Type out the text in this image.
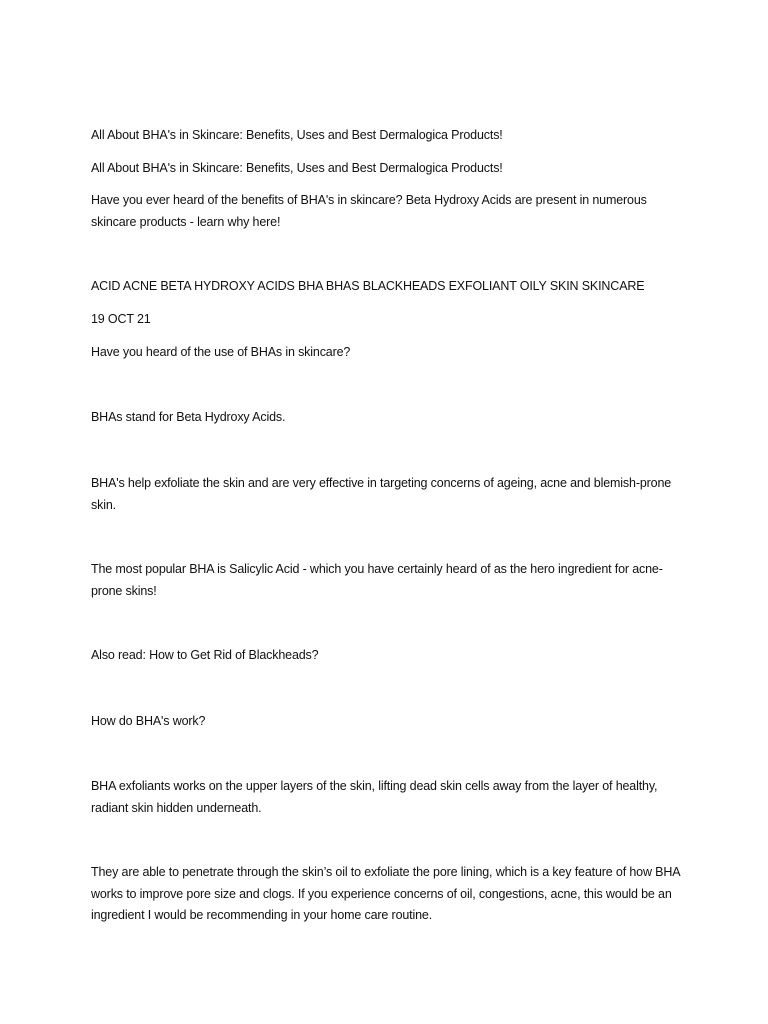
All About BHA's in Skincare: Benefits, Uses and Best Dermalogica Products!

All About BHA's in Skincare: Benefits, Uses and Best Dermalogica Products!

Have you ever heard of the benefits of BHA's in skincare? Beta Hydroxy Acids are present in numerous skincare products - learn why here!

ACID ACNE BETA HYDROXY ACIDS BHA BHAS BLACKHEADS EXFOLIANT OILY SKIN SKINCARE

19 OCT 21

Have you heard of the use of BHAs in skincare?

BHAs stand for Beta Hydroxy Acids.

BHA's help exfoliate the skin and are very effective in targeting concerns of ageing, acne and blemish-prone skin.

The most popular BHA is Salicylic Acid - which you have certainly heard of as the hero ingredient for acne-prone skins!

Also read: How to Get Rid of Blackheads?

How do BHA's work?

BHA exfoliants works on the upper layers of the skin, lifting dead skin cells away from the layer of healthy, radiant skin hidden underneath.

They are able to penetrate through the skin’s oil to exfoliate the pore lining, which is a key feature of how BHA works to improve pore size and clogs. If you experience concerns of oil, congestions, acne, this would be an ingredient I would be recommending in your home care routine.
